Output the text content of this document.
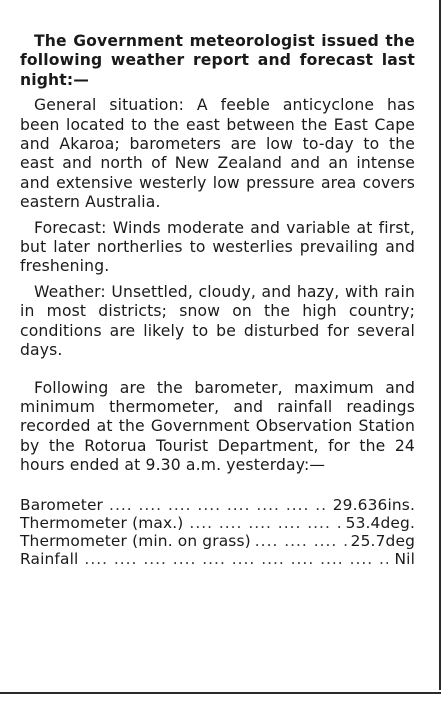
The Government meteorologist issued the following weather report and forecast last night:—

General situation: A feeble anticyclone has been located to the east between the East Cape and Akaroa; barometers are low to-day to the east and north of New Zealand and an intense and extensive westerly low pressure area covers eastern Australia.

Forecast: Winds moderate and variable at first, but later northerlies to westerlies prevailing and freshening.

Weather: Unsettled, cloudy, and hazy, with rain in most districts; snow on the high country; conditions are likely to be disturbed for several days.

Following are the barometer, maximum and minimum thermometer, and rainfall readings recorded at the Government Observation Station by the Rotorua Tourist Department, for the 24 hours ended at 9.30 a.m. yesterday:—

Barometer ....	29.636ins.
Thermometer (max.) ....	53.4deg.
Thermometer (min. on grass) ....	25.7deg
Rainfall ....	Nil
